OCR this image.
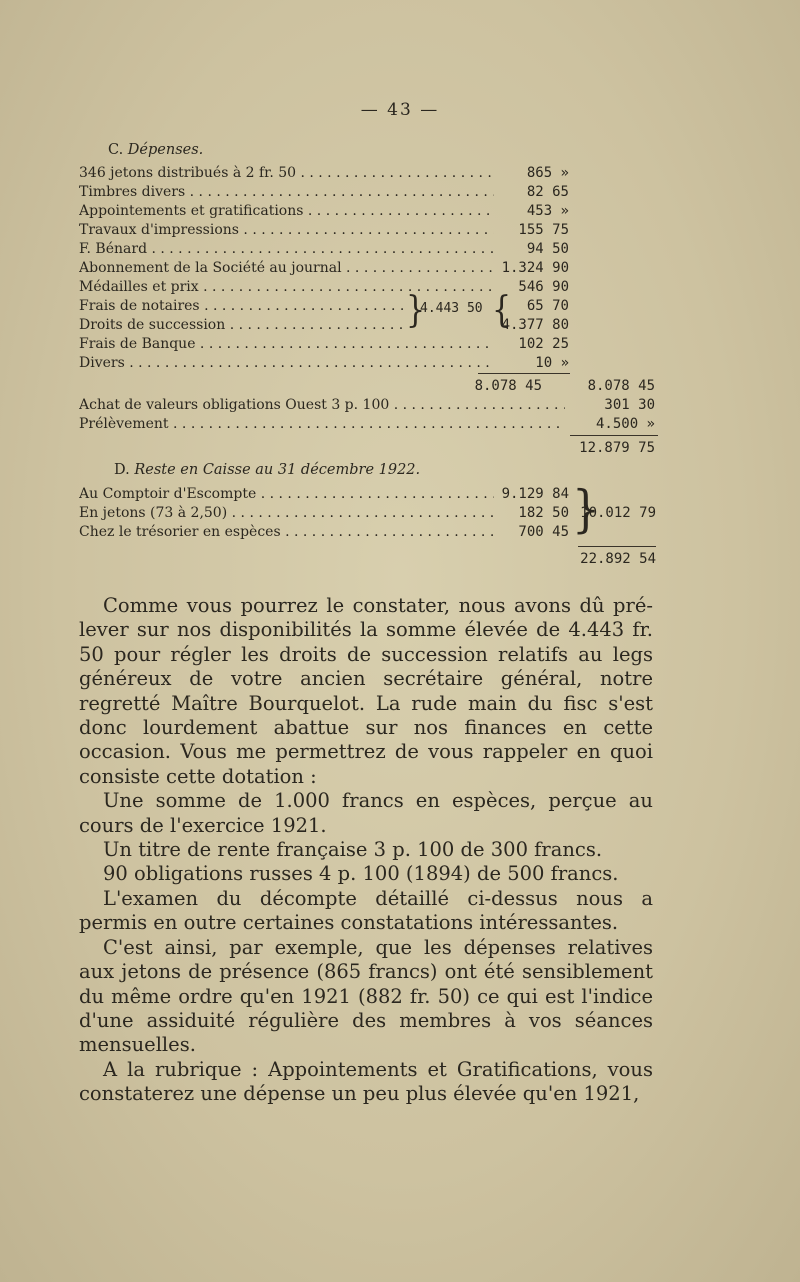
— 43 —
C. Dépenses.
346 jetons distribués à 2 fr. 50 . . .	865 »
Timbres divers . . .	82 65
Appointements et gratifications . . .	453 »
Travaux d'impressions . . .	155 75
F. Bénard . . .	94 50
Abonnement de la Société au journal . . .	1.324 90
Médailles et prix . . .	546 90
Frais de notaires . . .	65 70
Droits de succession . . .	4.377 80
}
4.443 50 {
Frais de Banque . . .	102 25
Divers . . .	10 »
8.078 45	8.078 45
Achat de valeurs obligations Ouest 3 p. 100 . . .	301 30
Prélèvement . . .	4.500 »
12.879 75
D. Reste en Caisse au 31 décembre 1922.
Au Comptoir d'Escompte . . .	9.129 84
En jetons (73 à 2,50) . . .	182 50
Chez le trésorier en espèces . . .	700 45 }
10.012 79
22.892 54

Comme vous pourrez le constater, nous avons dû pré-lever sur nos disponibilités la somme élevée de 4.443 fr. 50 pour régler les droits de succession relatifs au legs généreux de votre ancien secrétaire général, notre regretté Maître Bourquelot. La rude main du fisc s'est donc lourdement abattue sur nos finances en cette occasion. Vous me permettrez de vous rappeler en quoi consiste cette dotation :

Une somme de 1.000 francs en espèces, perçue au cours de l'exercice 1921.

Un titre de rente française 3 p. 100 de 300 francs.

90 obligations russes 4 p. 100 (1894) de 500 francs.

L'examen du décompte détaillé ci-dessus nous a permis en outre certaines constatations intéressantes.

C'est ainsi, par exemple, que les dépenses relatives aux jetons de présence (865 francs) ont été sensiblement du même ordre qu'en 1921 (882 fr. 50) ce qui est l'indice d'une assiduité régulière des membres à vos séances mensuelles.

A la rubrique : Appointements et Gratifications, vous constaterez une dépense un peu plus élevée qu'en 1921,
